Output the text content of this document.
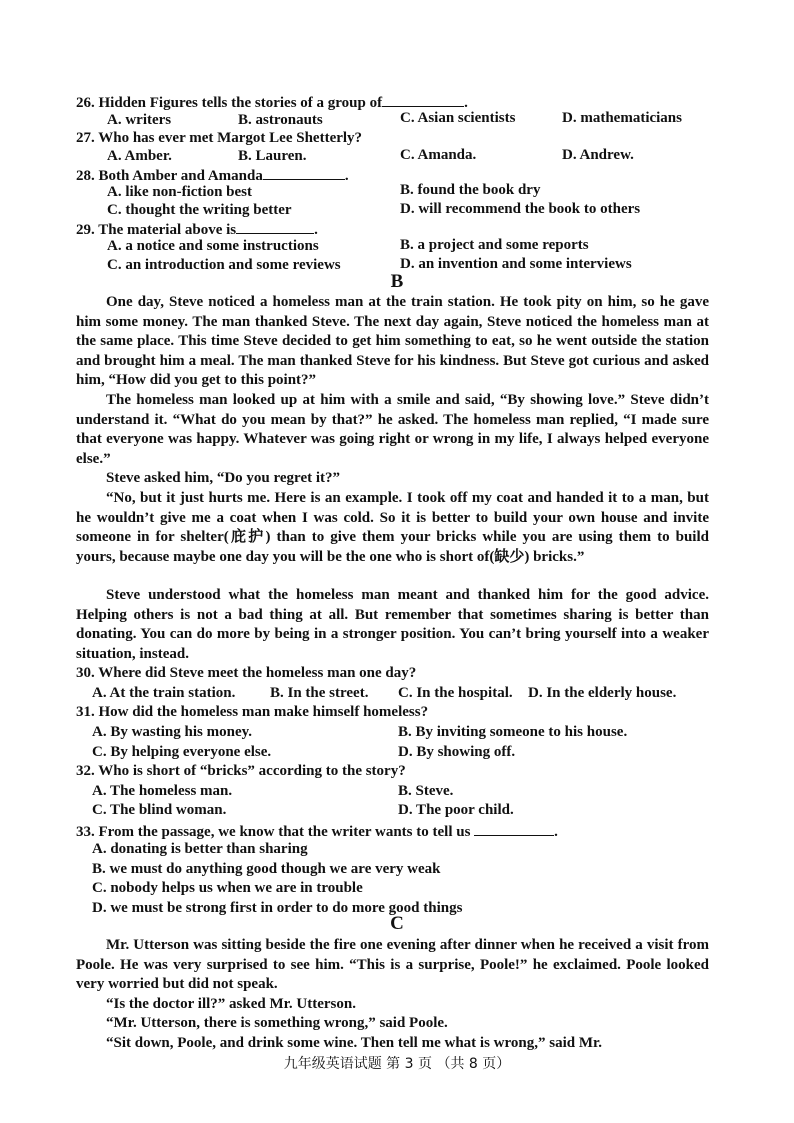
26. Hidden Figures tells the stories of a group of	.
A. writers	B. astronauts	C. Asian scientists	D. mathematicians
27. Who has ever met Margot Lee Shetterly?
A. Amber.	B. Lauren.	C. Amanda.	D. Andrew.
28. Both Amber and Amanda	.
A. like non-fiction best	B. found the book dry
C. thought the writing better	D. will recommend the book to others
29. The material above is	.
A. a notice and some instructions	B. a project and some reports
C. an introduction and some reviews	D. an invention and some interviews
B

One day, Steve noticed a homeless man at the train station. He took pity on him, so he gave him some money. The man thanked Steve. The next day again, Steve noticed the homeless man at the same place. This time Steve decided to get him something to eat, so he went outside the station and brought him a meal. The man thanked Steve for his kindness. But Steve got curious and asked him, “How did you get to this point?”

The homeless man looked up at him with a smile and said, “By showing love.” Steve didn’t understand it. “What do you mean by that?” he asked. The homeless man replied, “I made sure that everyone was happy. Whatever was going right or wrong in my life, I always helped everyone else.”

Steve asked him, “Do you regret it?”

“No, but it just hurts me. Here is an example. I took off my coat and handed it to a man, but he wouldn’t give me a coat when I was cold. So it is better to build your own house and invite someone in for shelter(庇护) than to give them your bricks while you are using them to build yours, because maybe one day you will be the one who is short of(缺少) bricks.”

Steve understood what the homeless man meant and thanked him for the good advice. Helping others is not a bad thing at all. But remember that sometimes sharing is better than donating. You can do more by being in a stronger position. You can’t bring yourself into a weaker situation, instead.

30. Where did Steve meet the homeless man one day?
A. At the train station. B. In the street. C. In the hospital. D. In the elderly house.
31. How did the homeless man make himself homeless?
A. By wasting his money.	B. By inviting someone to his house.
C. By helping everyone else.	D. By showing off.
32. Who is short of “bricks” according to the story?
A. The homeless man.	B. Steve.
C. The blind woman.	D. The poor child.
33. From the passage, we know that the writer wants to tell us	.
A. donating is better than sharing
B. we must do anything good though we are very weak
C. nobody helps us when we are in trouble
D. we must be strong first in order to do more good things
C

Mr. Utterson was sitting beside the fire one evening after dinner when he received a visit from Poole. He was very surprised to see him. “This is a surprise, Poole!” he exclaimed. Poole looked very worried but did not speak.

“Is the doctor ill?” asked Mr. Utterson.

“Mr. Utterson, there is something wrong,” said Poole.

“Sit down, Poole, and drink some wine. Then tell me what is wrong,” said Mr.

九年级英语试题 第 3 页 （共 8 页）
